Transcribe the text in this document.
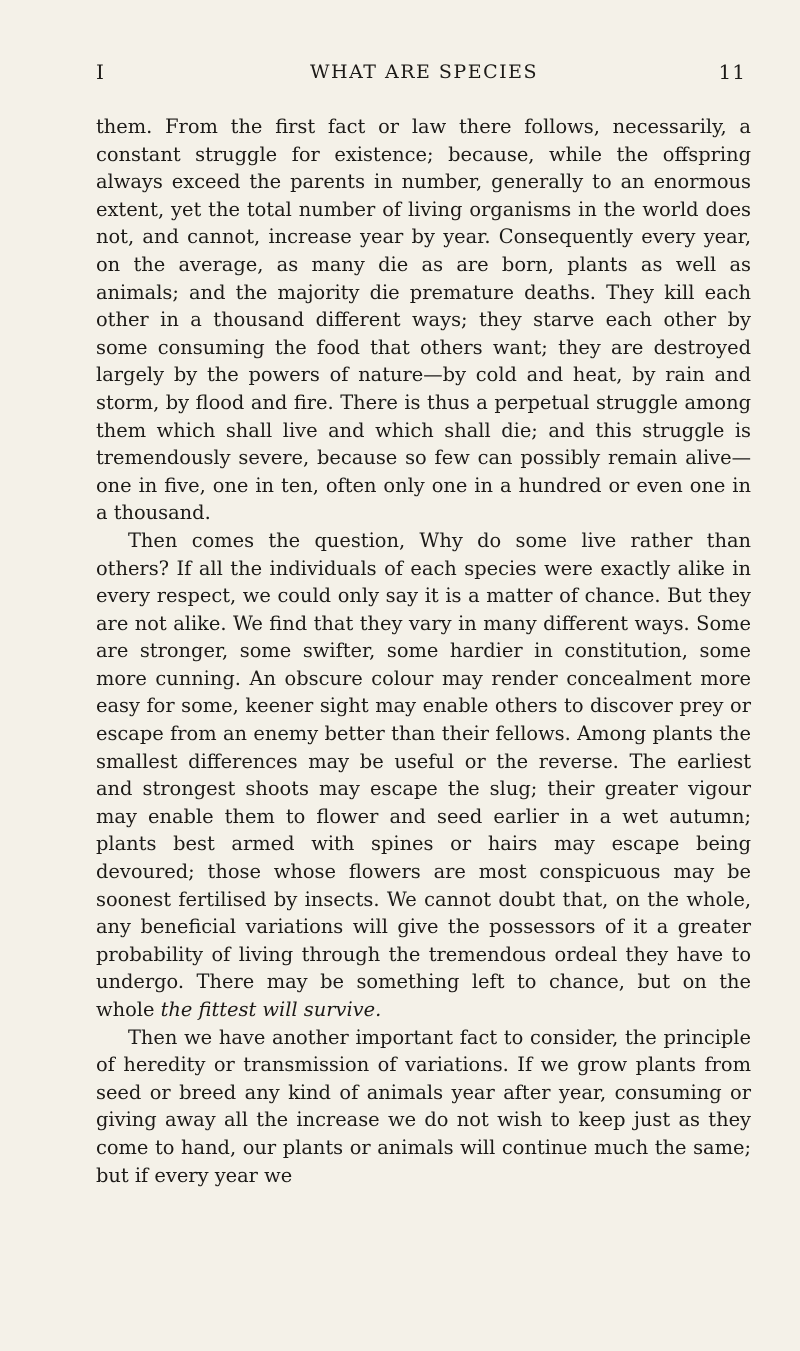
I	WHAT ARE SPECIES	11

them. From the first fact or law there follows, necessarily, a constant struggle for existence; because, while the offspring always exceed the parents in number, generally to an enormous extent, yet the total number of living organisms in the world does not, and cannot, increase year by year. Consequently every year, on the average, as many die as are born, plants as well as animals; and the majority die premature deaths. They kill each other in a thousand different ways; they starve each other by some consuming the food that others want; they are destroyed largely by the powers of nature—by cold and heat, by rain and storm, by flood and fire. There is thus a perpetual struggle among them which shall live and which shall die; and this struggle is tremendously severe, because so few can possibly remain alive—one in five, one in ten, often only one in a hundred or even one in a thousand.

Then comes the question, Why do some live rather than others? If all the individuals of each species were exactly alike in every respect, we could only say it is a matter of chance. But they are not alike. We find that they vary in many different ways. Some are stronger, some swifter, some hardier in constitution, some more cunning. An obscure colour may render concealment more easy for some, keener sight may enable others to discover prey or escape from an enemy better than their fellows. Among plants the smallest differences may be useful or the reverse. The earliest and strongest shoots may escape the slug; their greater vigour may enable them to flower and seed earlier in a wet autumn; plants best armed with spines or hairs may escape being devoured; those whose flowers are most conspicuous may be soonest fertilised by insects. We cannot doubt that, on the whole, any beneficial variations will give the possessors of it a greater probability of living through the tremendous ordeal they have to undergo. There may be something left to chance, but on the whole the fittest will survive.

Then we have another important fact to consider, the principle of heredity or transmission of variations. If we grow plants from seed or breed any kind of animals year after year, consuming or giving away all the increase we do not wish to keep just as they come to hand, our plants or animals will continue much the same; but if every year we
